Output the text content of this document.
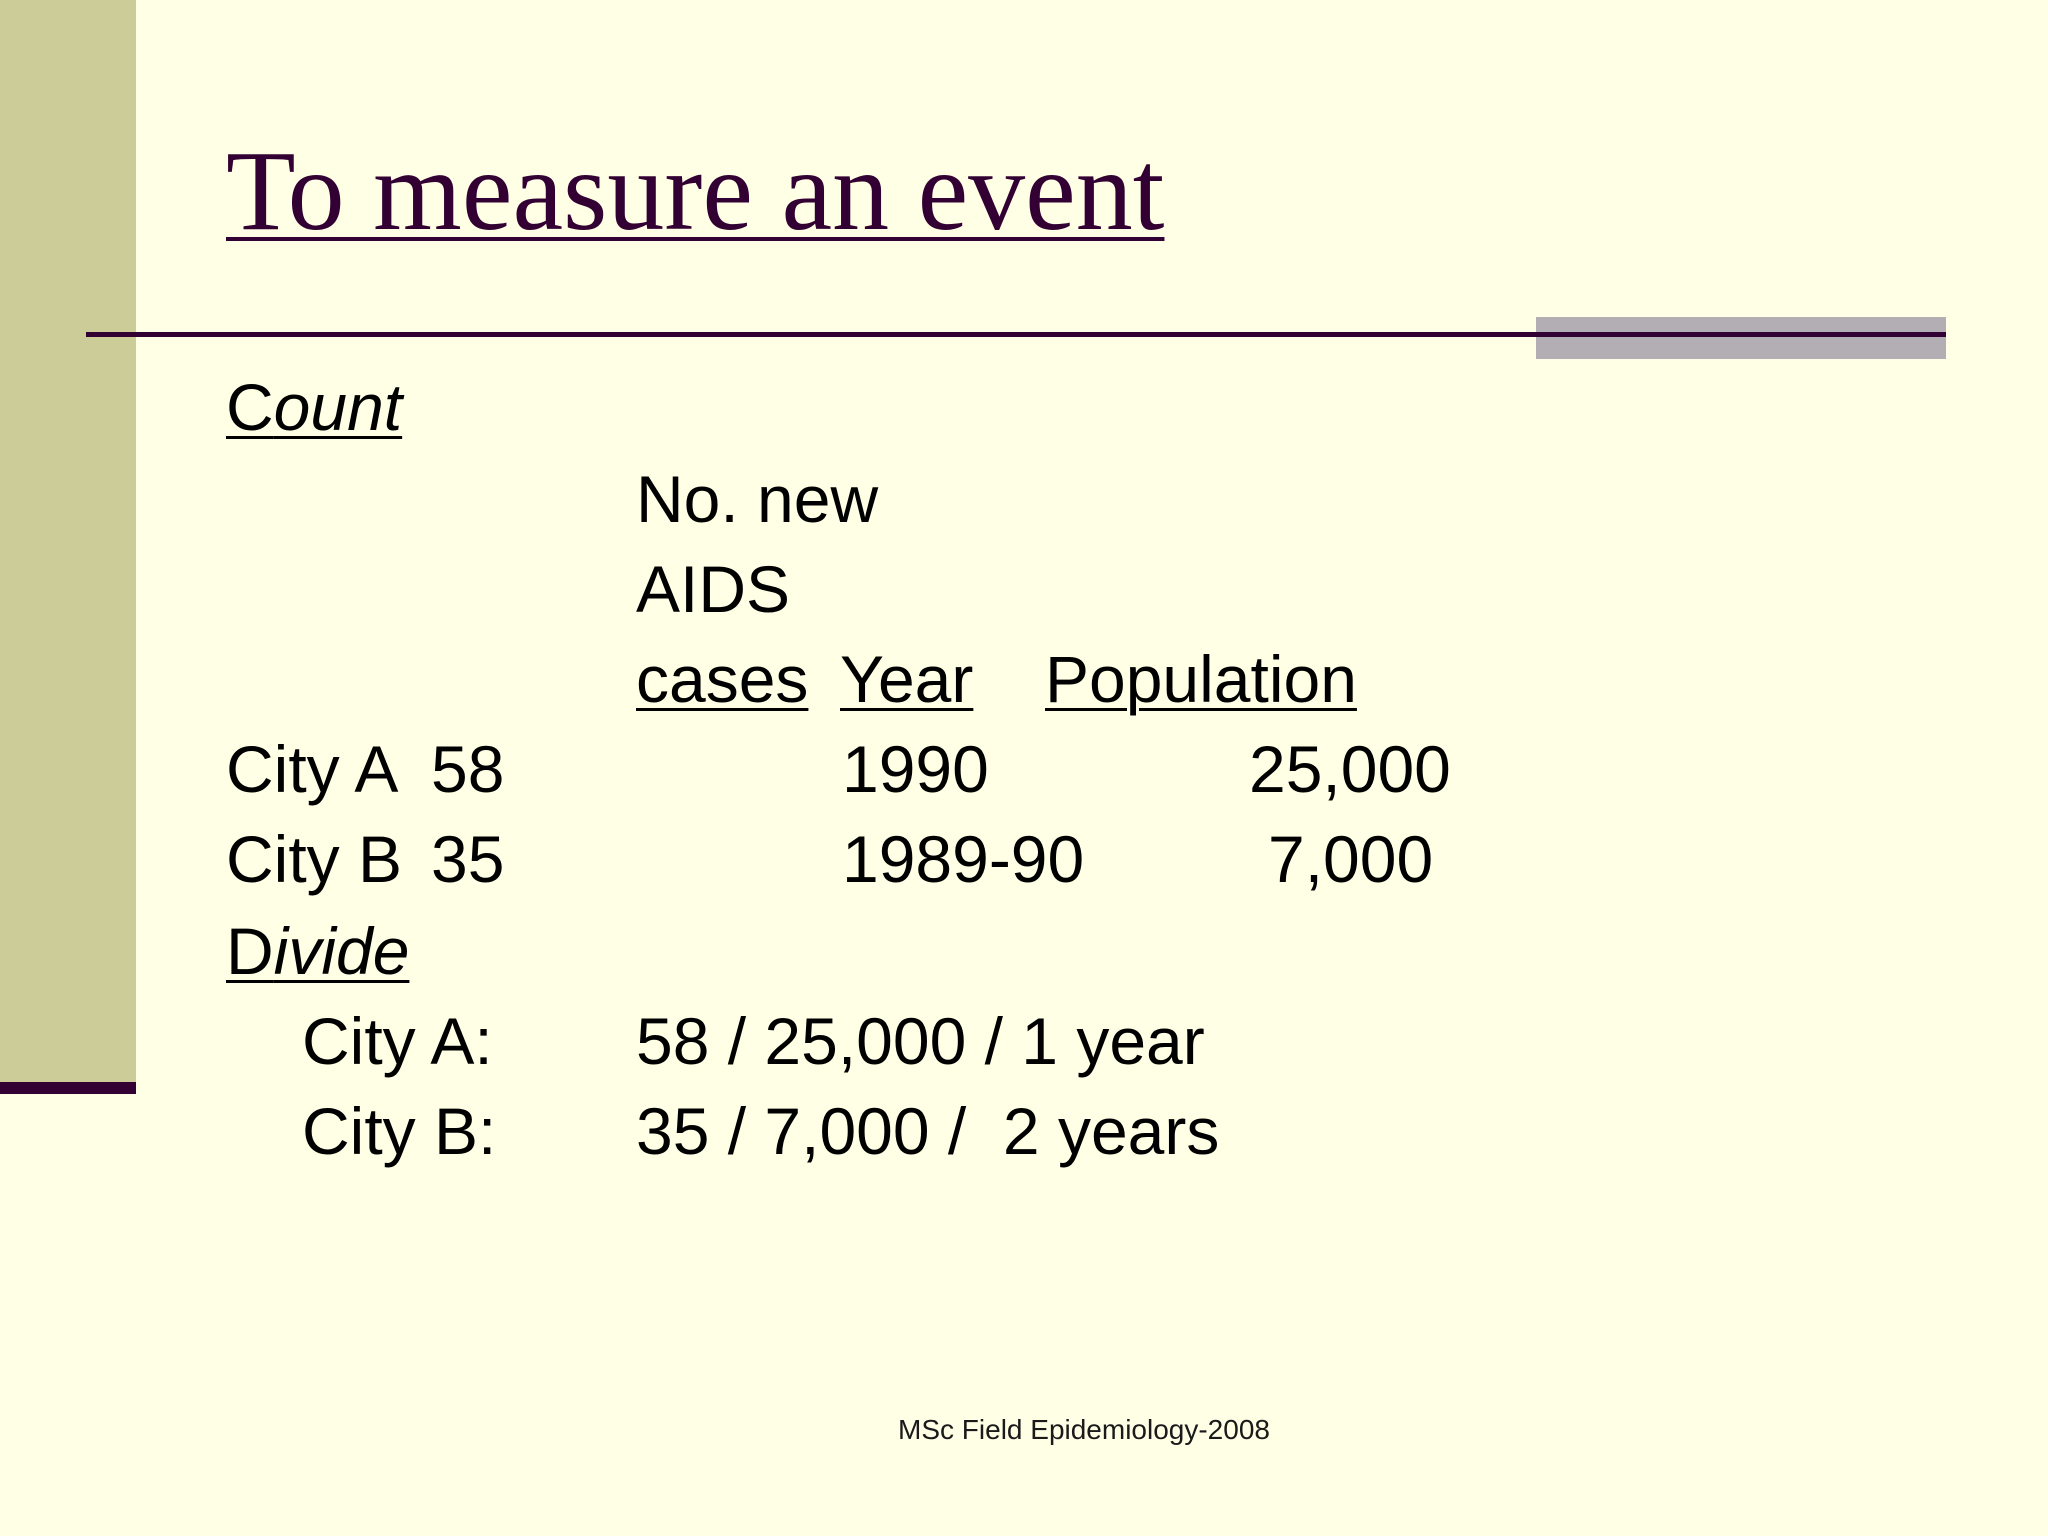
To measure an event
Count
No. new
AIDS
cases Year Population
City A 58	1990	25,000
City B 35	1989-90	7,000
Divide
City A: 58 / 25,000 / 1 year
City B: 35 / 7,000 /  2 years
MSc Field Epidemiology-2008
